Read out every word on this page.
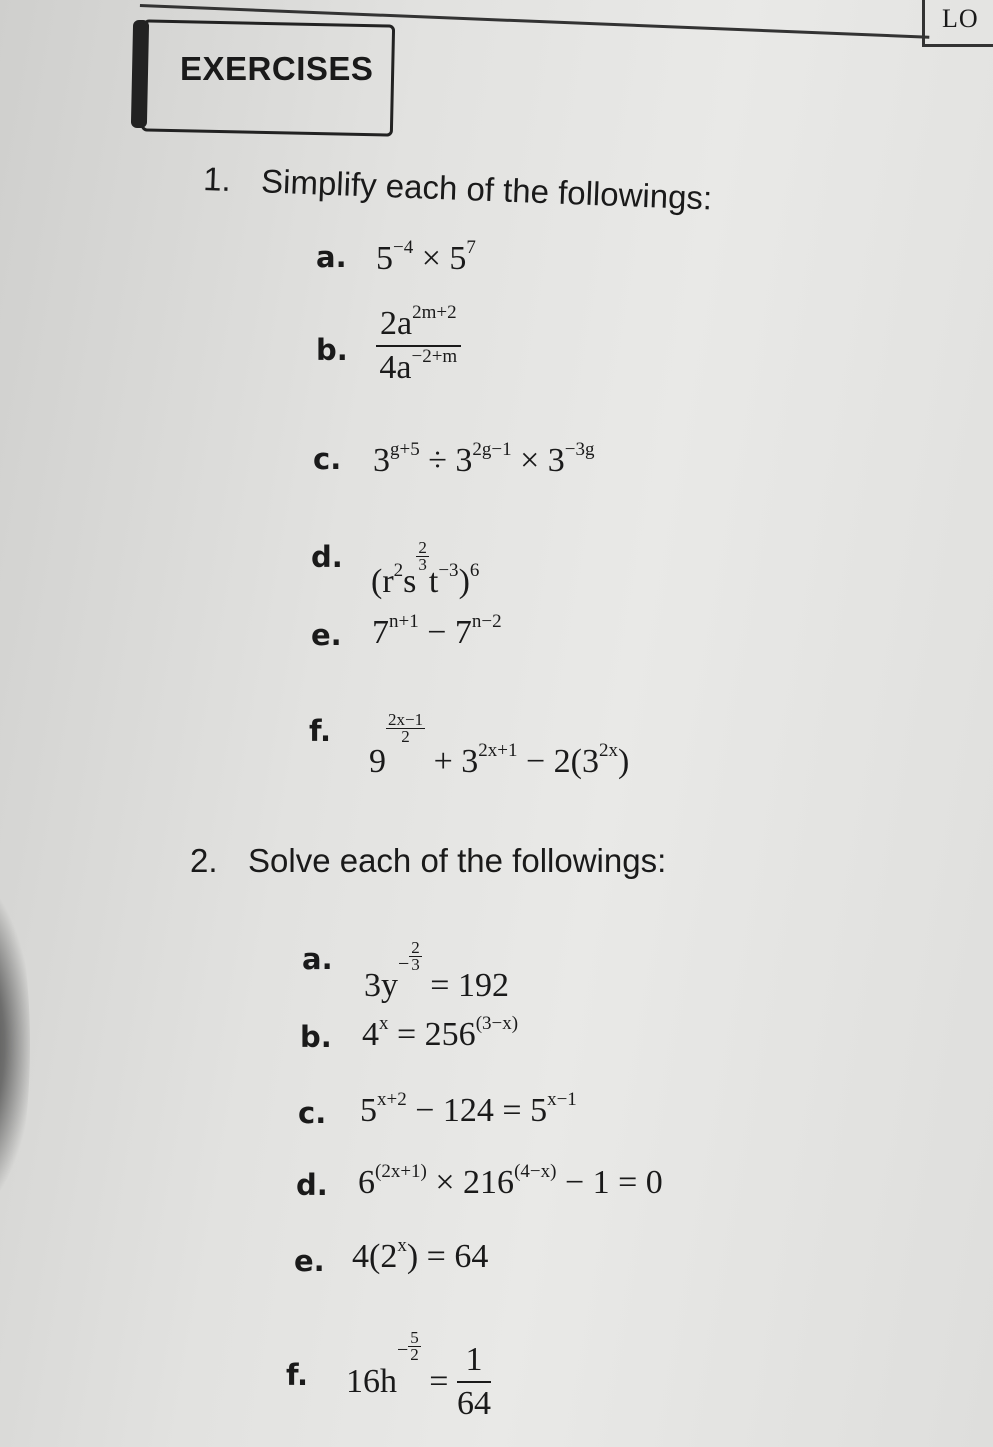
LO
EXERCISES
1. Simplify each of the followings:
a. $5^{-4} \times 5^7$
b. $\frac{2a^{2m+2}}{4a^{-2+m}}$
c. $3^{g+5} \div 3^{2g-1} \times 3^{-3g}$
d.
($r^2s$
$\frac{2}{3}$
$t^{-3})^6$
e. $7^{n+1} - 7^{n-2}$
f.
9
$\frac{2x-1}{2}$
+ $3^{2x+1} - 2(3^{2x})$
2. Solve each of the followings:
a.
$3y^- \frac{2}{3}$
= 192
b. $4^x = 256^{(3-x)}$
c. $5^{x+2} - 124 = 5^{x-1}$
d. $6^{(2x+1)} \times 216^{(4-x)} - 1 = 0$
e. $4(2^x) = 64$
f. $16h^- \frac{5}{2}$
= $\frac{1}{64}$
